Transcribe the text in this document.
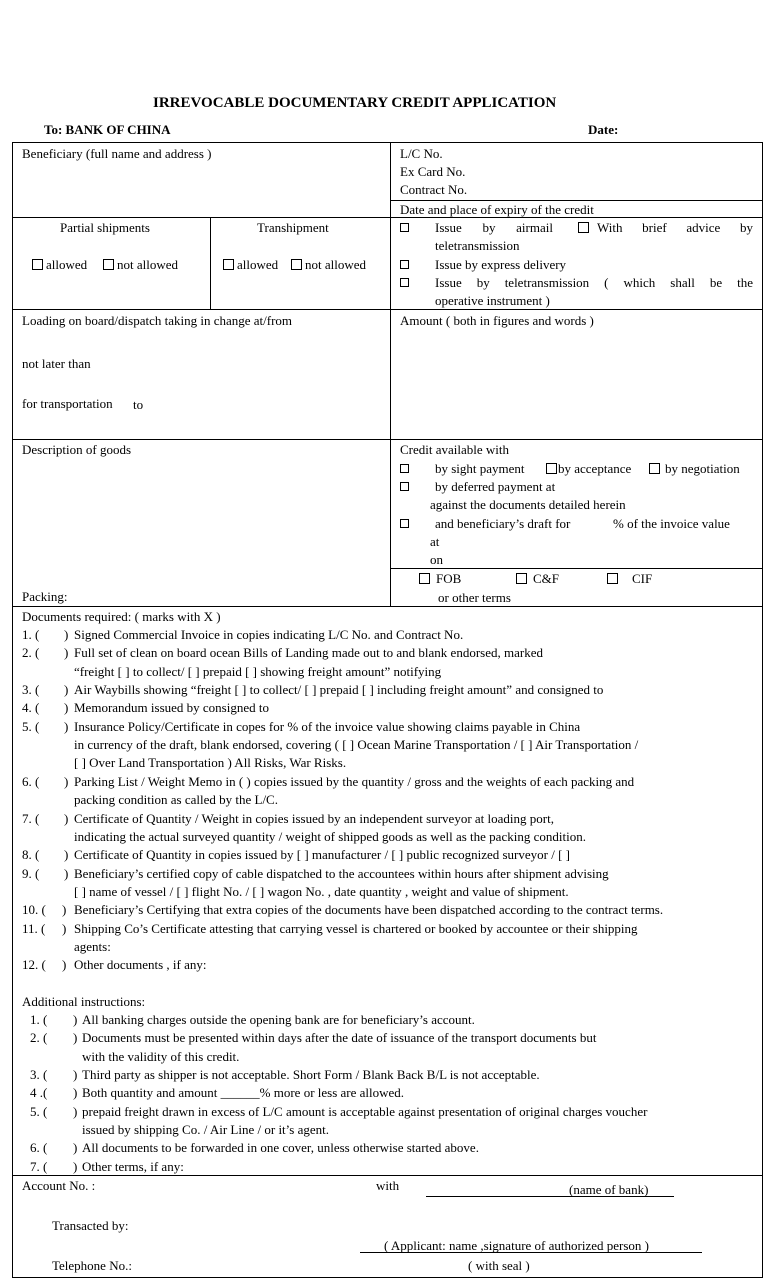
IRREVOCABLE DOCUMENTARY CREDIT APPLICATION
To: BANK OF CHINA	Date:
Beneficiary (full name and address )	L/C No.
Ex Card No.
Contract No.
Date and place of expiry of the credit
Partial shipments
allowed	not allowed
Transhipment
allowed	not allowed
Issue by airmail	With brief advice by
teletransmission
Issue by express delivery
Issue by teletransmission ( which shall be the
operative instrument )
Loading on board/dispatch taking in change at/from
not later than
for transportation to
Amount ( both in figures and words )
Description of goods
Packing:
Credit available with
by sight payment	by acceptance	by negotiation
by deferred payment at
against the documents detailed herein
and beneficiary’s draft for	% of the invoice value
at
on
FOB	C&F	CIF
or other terms
Documents required: ( marks with X )
1. ( ) Signed Commercial Invoice in copies indicating L/C No. and Contract No.
2. ( ) Full set of clean on board ocean Bills of Landing made out to and blank endorsed, marked
“freight [ ] to collect/ [ ] prepaid [ ] showing freight amount” notifying
3. ( ) Air Waybills showing “freight [ ] to collect/ [ ] prepaid [ ] including freight amount” and consigned to
4. ( ) Memorandum issued by consigned to
5. ( ) Insurance Policy/Certificate in copes for % of the invoice value showing claims payable in China
in currency of the draft, blank endorsed, covering ( [ ] Ocean Marine Transportation / [ ] Air Transportation /
[ ] Over Land Transportation ) All Risks, War Risks.
6. ( ) Parking List / Weight Memo in ( ) copies issued by the quantity / gross and the weights of each packing and
packing condition as called by the L/C.
7. ( ) Certificate of Quantity / Weight in copies issued by an independent surveyor at loading port,
indicating the actual surveyed quantity / weight of shipped goods as well as the packing condition.
8. ( ) Certificate of Quantity in copies issued by [ ] manufacturer / [ ] public recognized surveyor / [ ]
9. ( ) Beneficiary’s certified copy of cable dispatched to the accountees within hours after shipment advising
[ ] name of vessel / [ ] flight No. / [ ] wagon No. , date quantity , weight and value of shipment.
10. ( ) Beneficiary’s Certifying that extra copies of the documents have been dispatched according to the contract terms.
11. ( ) Shipping Co’s Certificate attesting that carrying vessel is chartered or booked by accountee or their shipping
agents:
12. ( ) Other documents , if any:
Additional instructions:
1. ( ) All banking charges outside the opening bank are for beneficiary’s account.
2. ( ) Documents must be presented within days after the date of issuance of the transport documents but
with the validity of this credit.
3. ( ) Third party as shipper is not acceptable. Short Form / Blank Back B/L is not acceptable.
4 .( ) Both quantity and amount ______% more or less are allowed.
5. ( ) prepaid freight drawn in excess of L/C amount is acceptable against presentation of original charges voucher
issued by shipping Co. / Air Line / or it’s agent.
6. ( ) All documents to be forwarded in one cover, unless otherwise started above.
7. ( ) Other terms, if any:
Account No. :	with	(name of bank)
Transacted by:
( Applicant: name ,signature of authorized person )
Telephone No.:	( with seal )
